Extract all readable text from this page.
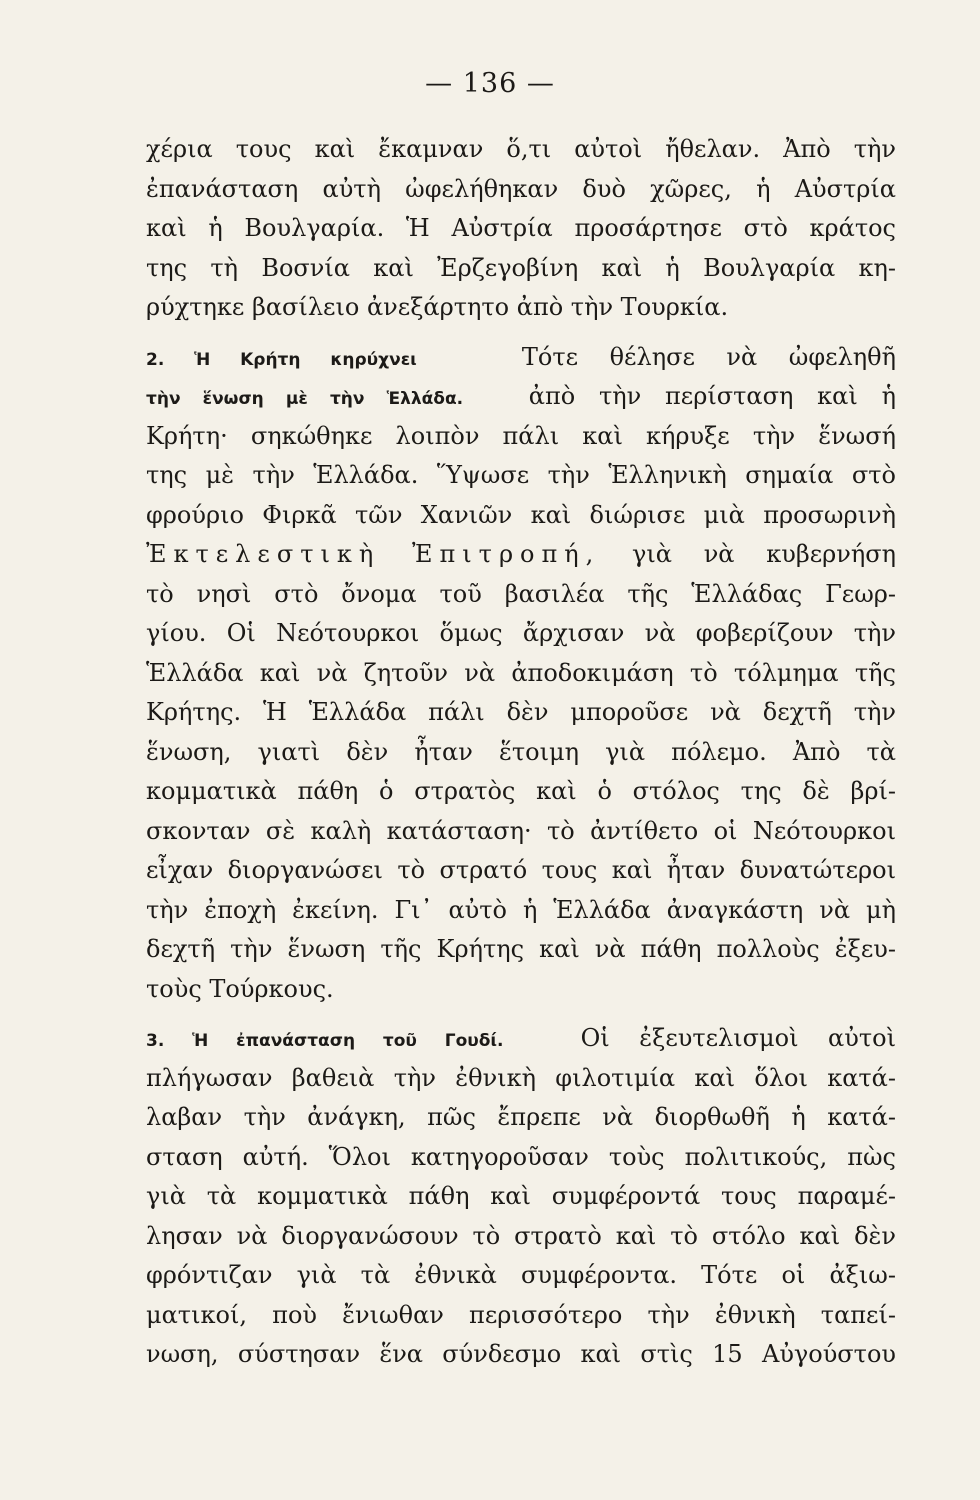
— 136 —
χέρια τους καὶ ἔκαμναν ὅ,τι αὐτοὶ ἤθελαν. Ἀπὸ τὴν
ἐπανάσταση αὐτὴ ὠφελήθηκαν δυὸ χῶρες, ἡ Αὐστρία
καὶ ἡ Βουλγαρία. Ἡ Αὐστρία προσάρτησε στὸ κράτος
της τὴ Βοσνία καὶ Ἐρζεγοβίνη καὶ ἡ Βουλγαρία κη-
ρύχτηκε βασίλειο ἀνεξάρτητο ἀπὸ τὴν Τουρκία.
2. Ἡ Κρήτη κηρύχνει	Τότε θέλησε νὰ ὠφεληθῆ
τὴν ἕνωση μὲ τὴν Ἑλλάδα.	ἀπὸ τὴν περίσταση καὶ ἡ
Κρήτη· σηκώθηκε λοιπὸν πάλι καὶ κήρυξε τὴν ἕνωσή
της μὲ τὴν Ἑλλάδα. Ὕψωσε τὴν Ἑλληνικὴ σημαία στὸ
φρούριο Φιρκᾶ τῶν Χανιῶν καὶ διώρισε μιὰ προσωρινὴ
Ἐκτελεστικὴ Ἐπιτροπή, γιὰ νὰ κυβερνήση
τὸ νησὶ στὸ ὄνομα τοῦ βασιλέα τῆς Ἑλλάδας Γεωρ-
γίου. Οἱ Νεότουρκοι ὅμως ἄρχισαν νὰ φοβερίζουν τὴν
Ἑλλάδα καὶ νὰ ζητοῦν νὰ ἀποδοκιμάση τὸ τόλμημα τῆς
Κρήτης. Ἡ Ἑλλάδα πάλι δὲν μποροῦσε νὰ δεχτῆ τὴν
ἕνωση, γιατὶ δὲν ἦταν ἕτοιμη γιὰ πόλεμο. Ἀπὸ τὰ
κομματικὰ πάθη ὁ στρατὸς καὶ ὁ στόλος της δὲ βρί-
σκονταν σὲ καλὴ κατάσταση· τὸ ἀντίθετο οἱ Νεότουρκοι
εἶχαν διοργανώσει τὸ στρατό τους καὶ ἦταν δυνατώτεροι
τὴν ἐποχὴ ἐκείνη. Γι᾽ αὐτὸ ἡ Ἑλλάδα ἀναγκάστη νὰ μὴ
δεχτῆ τὴν ἕνωση τῆς Κρήτης καὶ νὰ πάθη πολλοὺς ἐξευ-
τοὺς Τούρκους.
3. Ἡ ἐπανάσταση τοῦ Γουδί.	Οἱ ἐξευτελισμοὶ αὐτοὶ
πλήγωσαν βαθειὰ τὴν ἐθνικὴ φιλοτιμία καὶ ὅλοι κατά-
λαβαν τὴν ἀνάγκη, πῶς ἔπρεπε νὰ διορθωθῆ ἡ κατά-
σταση αὐτή. Ὅλοι κατηγοροῦσαν τοὺς πολιτικούς, πὼς
γιὰ τὰ κομματικὰ πάθη καὶ συμφέροντά τους παραμέ-
λησαν νὰ διοργανώσουν τὸ στρατὸ καὶ τὸ στόλο καὶ δὲν
φρόντιζαν γιὰ τὰ ἐθνικὰ συμφέροντα. Τότε οἱ ἀξιω-
ματικοί, ποὺ ἔνιωθαν περισσότερο τὴν ἐθνικὴ ταπεί-
νωση, σύστησαν ἕνα σύνδεσμο καὶ στὶς 15 Αὐγούστου
